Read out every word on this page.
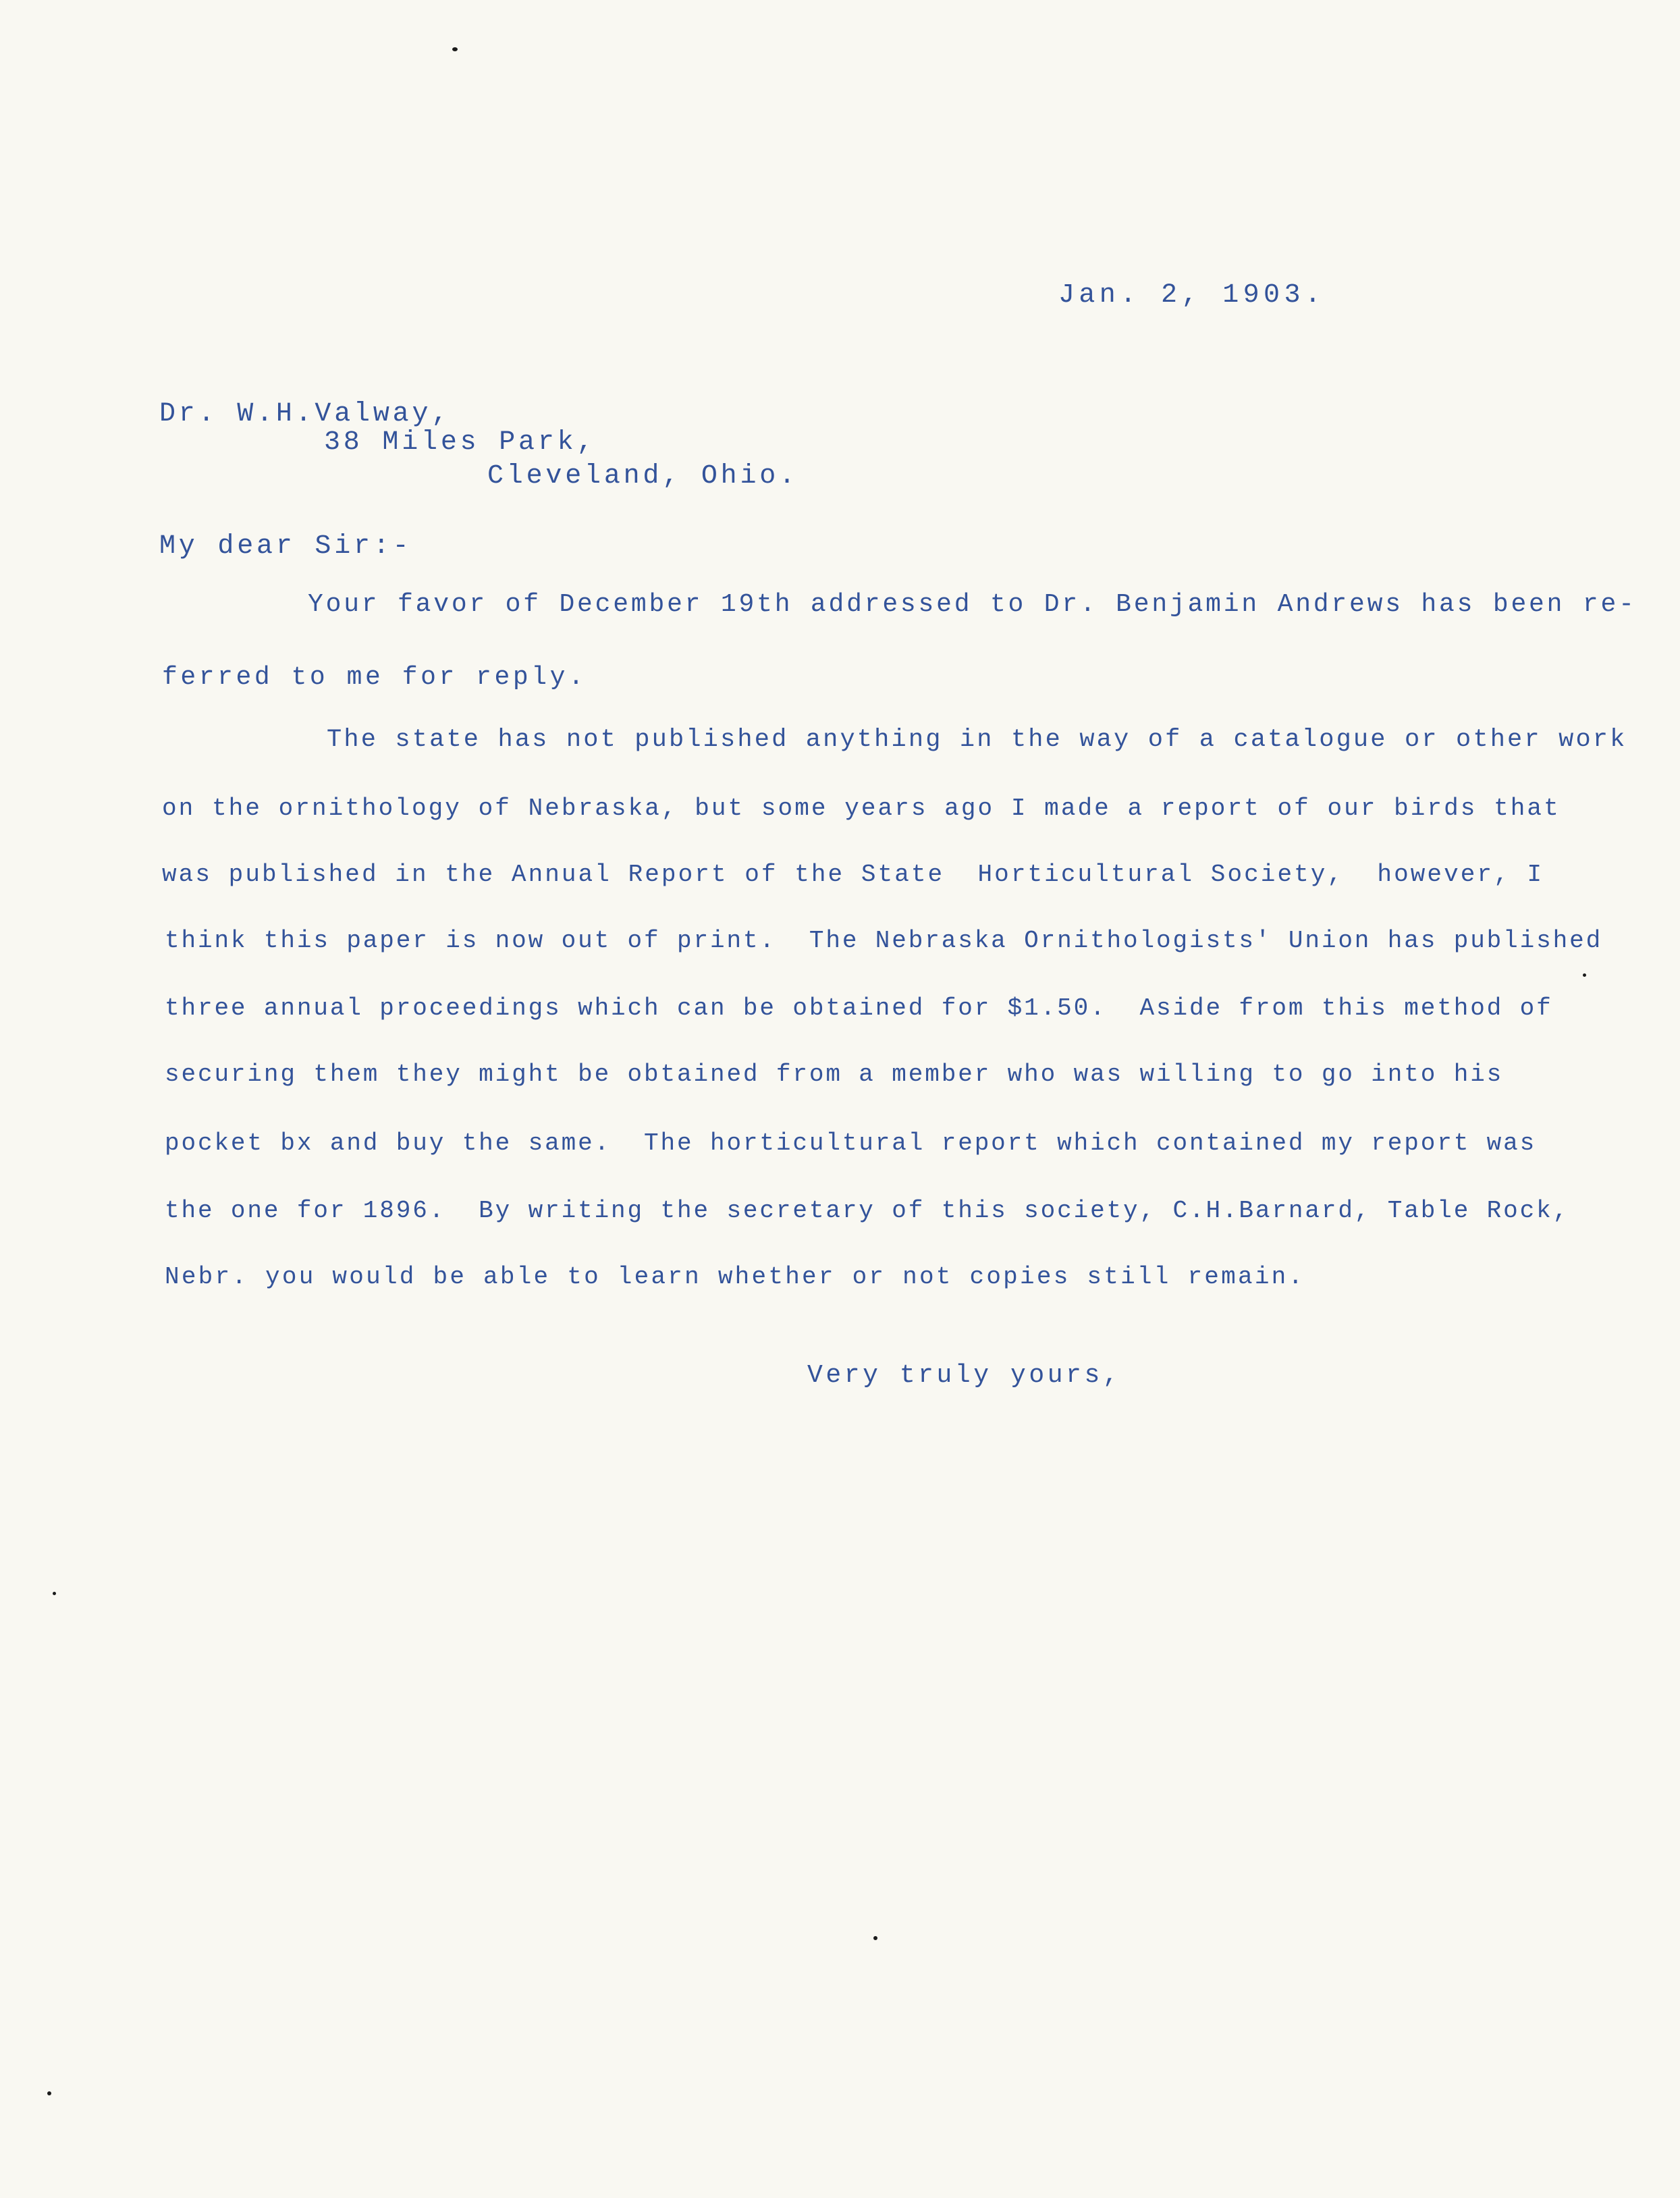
Jan. 2, 1903.
Dr. W.H.Valway,
38 Miles Park,
Cleveland, Ohio.
My dear Sir:-
Your favor of December 19th addressed to Dr. Benjamin Andrews has been re-
ferred to me for reply.
The state has not published anything in the way of a catalogue or other work
on the ornithology of Nebraska, but some years ago I made a report of our birds that
was published in the Annual Report of the State  Horticultural Society,  however, I
think this paper is now out of print.  The Nebraska Ornithologists' Union has published
three annual proceedings which can be obtained for $1.50.  Aside from this method of
securing them they might be obtained from a member who was willing to go into his
pocket bx and buy the same.  The horticultural report which contained my report was
the one for 1896.  By writing the secretary of this society, C.H.Barnard, Table Rock,
Nebr. you would be able to learn whether or not copies still remain.
Very truly yours,
